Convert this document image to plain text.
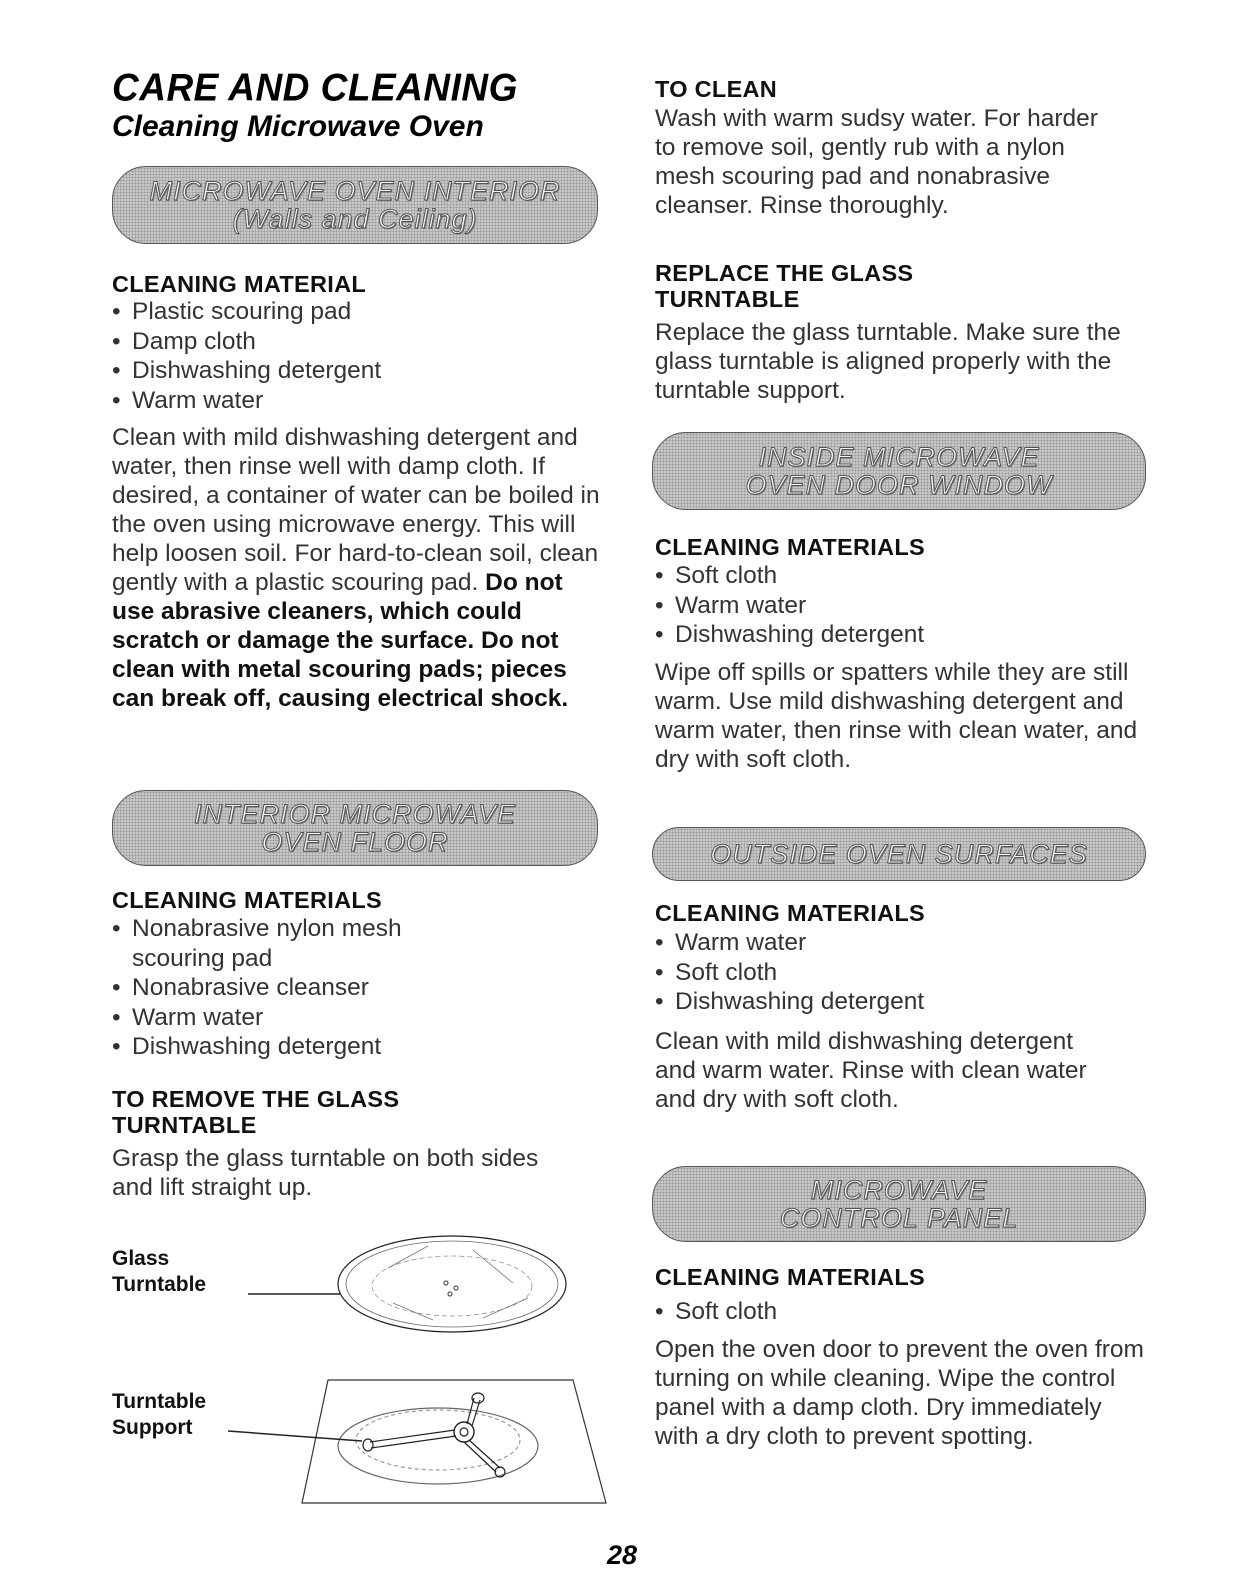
CARE AND CLEANING
Cleaning Microwave Oven
MICROWAVE OVEN INTERIOR
(Walls and Ceiling)
CLEANING MATERIAL
• Plastic scouring pad
• Damp cloth
• Dishwashing detergent
• Warm water
Clean with mild dishwashing detergent and water, then rinse well with damp cloth. If desired, a container of water can be boiled in the oven using microwave energy. This will help loosen soil. For hard-to-clean soil, clean gently with a plastic scouring pad. Do not use abrasive cleaners, which could scratch or damage the surface. Do not clean with metal scouring pads; pieces can break off, causing electrical shock.
INTERIOR MICROWAVE
OVEN FLOOR
CLEANING MATERIALS
• Nonabrasive nylon mesh scouring pad
• Nonabrasive cleanser
• Warm water
• Dishwashing detergent
TO REMOVE THE GLASS TURNTABLE
Grasp the glass turntable on both sides and lift straight up.
Glass Turntable
Turntable Support
TO CLEAN
Wash with warm sudsy water. For harder to remove soil, gently rub with a nylon mesh scouring pad and nonabrasive cleanser. Rinse thoroughly.
REPLACE THE GLASS TURNTABLE
Replace the glass turntable. Make sure the glass turntable is aligned properly with the turntable support.
INSIDE MICROWAVE
OVEN DOOR WINDOW
CLEANING MATERIALS
• Soft cloth
• Warm water
• Dishwashing detergent
Wipe off spills or spatters while they are still warm. Use mild dishwashing detergent and warm water, then rinse with clean water, and dry with soft cloth.
OUTSIDE OVEN SURFACES
CLEANING MATERIALS
• Warm water
• Soft cloth
• Dishwashing detergent
Clean with mild dishwashing detergent and warm water. Rinse with clean water and dry with soft cloth.
MICROWAVE
CONTROL PANEL
CLEANING MATERIALS
• Soft cloth
Open the oven door to prevent the oven from turning on while cleaning. Wipe the control panel with a damp cloth. Dry immediately with a dry cloth to prevent spotting.
28
